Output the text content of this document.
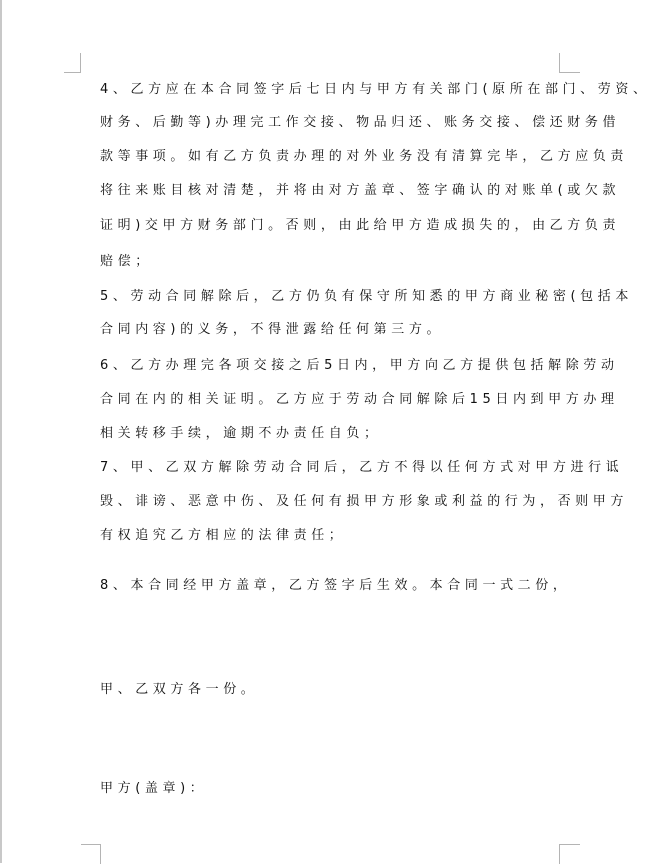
4、乙方应在本合同签字后七日内与甲方有关部门(原所在部门、劳资、
财务、后勤等)办理完工作交接、物品归还、账务交接、偿还财务借
款等事项。如有乙方负责办理的对外业务没有清算完毕，乙方应负责
将往来账目核对清楚，并将由对方盖章、签字确认的对账单(或欠款
证明)交甲方财务部门。否则，由此给甲方造成损失的，由乙方负责
赔偿；
5、劳动合同解除后，乙方仍负有保守所知悉的甲方商业秘密(包括本
合同内容)的义务，不得泄露给任何第三方。
6、乙方办理完各项交接之后5日内，甲方向乙方提供包括解除劳动
合同在内的相关证明。乙方应于劳动合同解除后15日内到甲方办理
相关转移手续，逾期不办责任自负；
7、甲、乙双方解除劳动合同后，乙方不得以任何方式对甲方进行诋
毁、诽谤、恶意中伤、及任何有损甲方形象或利益的行为，否则甲方
有权追究乙方相应的法律责任；
8、本合同经甲方盖章，乙方签字后生效。本合同一式二份，
甲、乙双方各一份。
甲方(盖章)：
